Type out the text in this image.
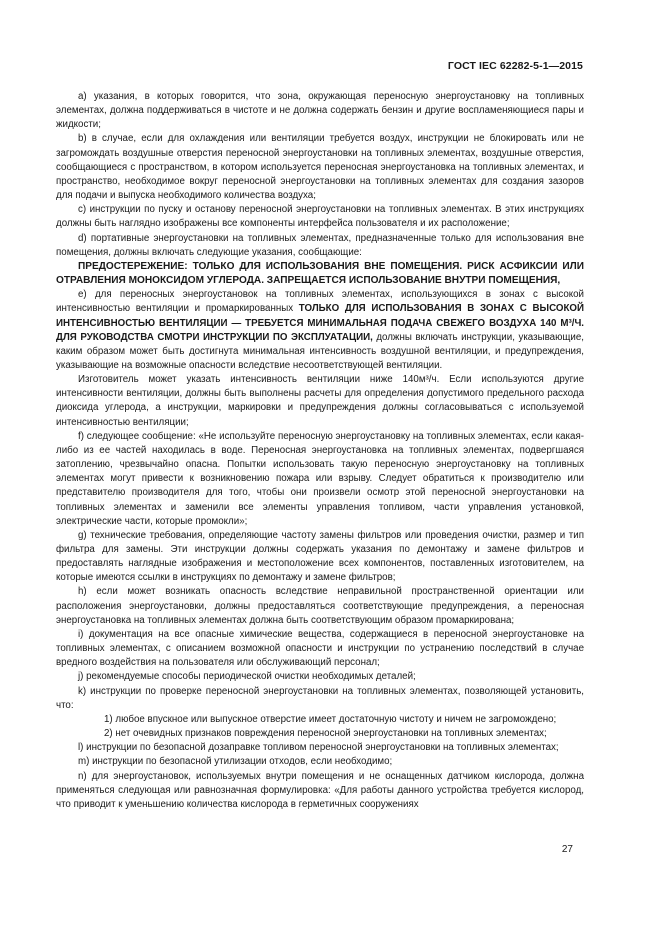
ГОСТ IEC 62282-5-1—2015

а) указания, в которых говорится, что зона, окружающая переносную энергоустановку на топливных элементах, должна поддерживаться в чистоте и не должна содержать бензин и другие воспламеняющиеся пары и жидкости;

b) в случае, если для охлаждения или вентиляции требуется воздух, инструкции не блокировать или не загромождать воздушные отверстия переносной энергоустановки на топливных элементах, воздушные отверстия, сообщающиеся с пространством, в котором используется переносная энергоустановка на топливных элементах, и пространство, необходимое вокруг переносной энергоустановки на топливных элементах для создания зазоров для подачи и выпуска необходимого количества воздуха;

с) инструкции по пуску и останову переносной энергоустановки на топливных элементах. В этих инструкциях должны быть наглядно изображены все компоненты интерфейса пользователя и их расположение;

d) портативные энергоустановки на топливных элементах, предназначенные только для использования вне помещения, должны включать следующие указания, сообщающие:

ПРЕДОСТЕРЕЖЕНИЕ: ТОЛЬКО ДЛЯ ИСПОЛЬЗОВАНИЯ ВНЕ ПОМЕЩЕНИЯ. РИСК АСФИКСИИ ИЛИ ОТРАВЛЕНИЯ МОНОКСИДОМ УГЛЕРОДА. ЗАПРЕЩАЕТСЯ ИСПОЛЬЗОВАНИЕ ВНУТРИ ПОМЕЩЕНИЯ,

е) для переносных энергоустановок на топливных элементах, использующихся в зонах с высокой интенсивностью вентиляции и промаркированных ТОЛЬКО ДЛЯ ИСПОЛЬЗОВАНИЯ В ЗОНАХ С ВЫСОКОЙ ИНТЕНСИВНОСТЬЮ ВЕНТИЛЯЦИИ — ТРЕБУЕТСЯ МИНИМАЛЬНАЯ ПОДАЧА СВЕЖЕГО ВОЗДУХА 140 М³/Ч. ДЛЯ РУКОВОДСТВА СМОТРИ ИНСТРУКЦИИ ПО ЭКСПЛУАТАЦИИ, должны включать инструкции, указывающие, каким образом может быть достигнута минимальная интенсивность воздушной вентиляции, и предупреждения, указывающие на возможные опасности вследствие несоответствующей вентиляции.

Изготовитель может указать интенсивность вентиляции ниже 140м³/ч. Если используются другие интенсивности вентиляции, должны быть выполнены расчеты для определения допустимого предельного расхода диоксида углерода, а инструкции, маркировки и предупреждения должны согласовываться с используемой интенсивностью вентиляции;

f) следующее сообщение: «Не используйте переносную энергоустановку на топливных элементах, если какая-либо из ее частей находилась в воде. Переносная энергоустановка на топливных элементах, подвергшаяся затоплению, чрезвычайно опасна. Попытки использовать такую переносную энергоустановку на топливных элементах могут привести к возникновению пожара или взрыву. Следует обратиться к производителю или представителю производителя для того, чтобы они произвели осмотр этой переносной энергоустановки на топливных элементах и заменили все элементы управления топливом, части управления установкой, электрические части, которые промокли»;

g) технические требования, определяющие частоту замены фильтров или проведения очистки, размер и тип фильтра для замены. Эти инструкции должны содержать указания по демонтажу и замене фильтров и предоставлять наглядные изображения и местоположение всех компонентов, поставленных изготовителем, на которые имеются ссылки в инструкциях по демонтажу и замене фильтров;

h) если может возникать опасность вследствие неправильной пространственной ориентации или расположения энергоустановки, должны предоставляться соответствующие предупреждения, а переносная энергоустановка на топливных элементах должна быть соответствующим образом промаркирована;

i) документация на все опасные химические вещества, содержащиеся в переносной энергоустановке на топливных элементах, с описанием возможной опасности и инструкции по устранению последствий в случае вредного воздействия на пользователя или обслуживающий персонал;

j) рекомендуемые способы периодической очистки необходимых деталей;

k) инструкции по проверке переносной энергоустановки на топливных элементах, позволяющей установить, что:

1) любое впускное или выпускное отверстие имеет достаточную чистоту и ничем не загромождено;

2) нет очевидных признаков повреждения переносной энергоустановки на топливных элементах;

l) инструкции по безопасной дозаправке топливом переносной энергоустановки на топливных элементах;

m) инструкции по безопасной утилизации отходов, если необходимо;

n) для энергоустановок, используемых внутри помещения и не оснащенных датчиком кислорода, должна применяться следующая или равнозначная формулировка: «Для работы данного устройства требуется кислород, что приводит к уменьшению количества кислорода в герметичных сооружениях

27
